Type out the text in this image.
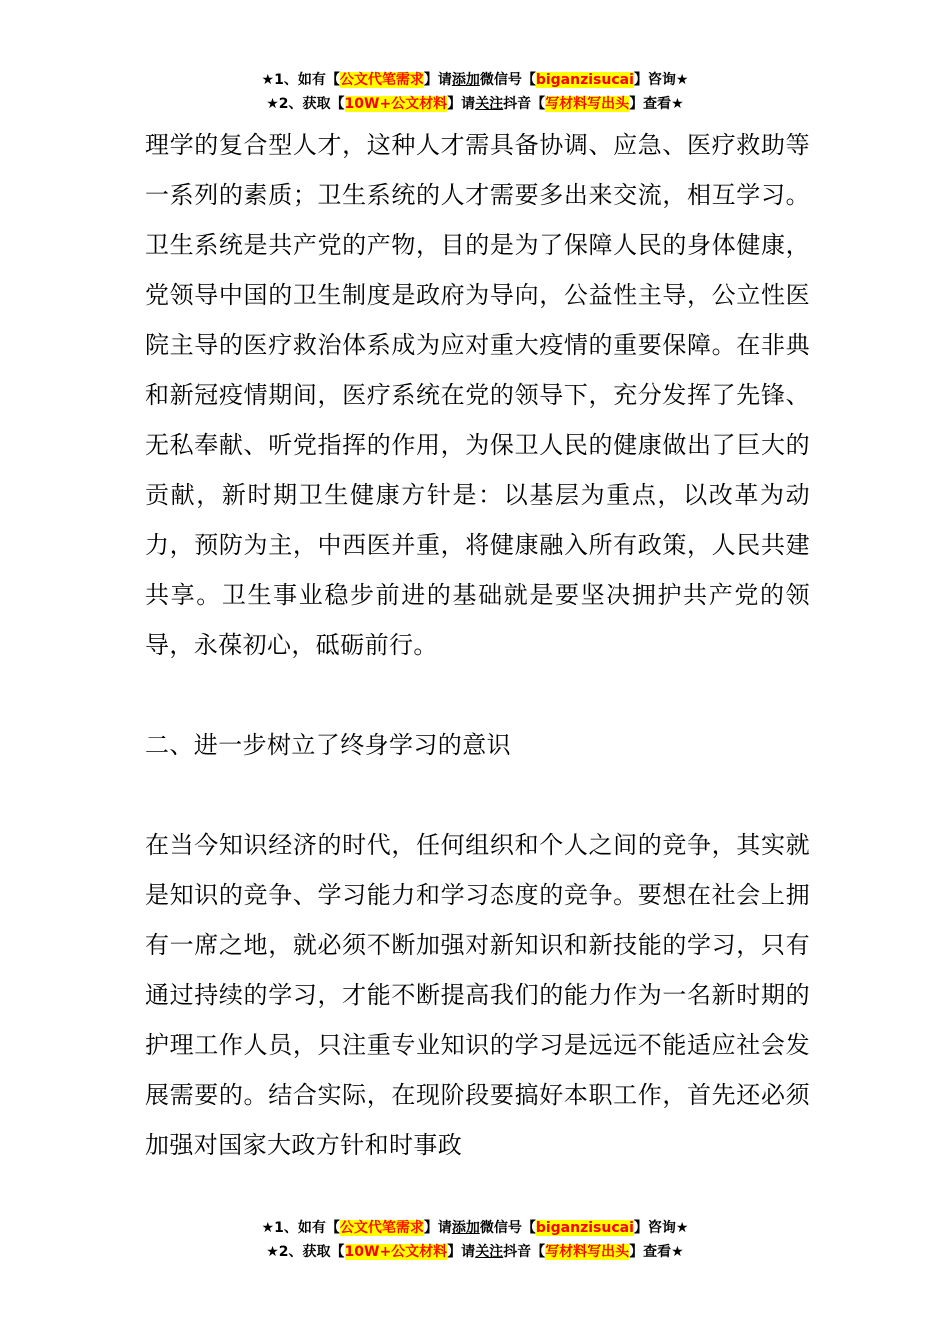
★1、如有【公文代笔需求】请添加微信号【biganzisucai】咨询★
★2、获取【10W+公文材料】请关注抖音【写材料写出头】查看★

理学的复合型人才，这种人才需具备协调、应急、医疗救助等一系列的素质；卫生系统的人才需要多出来交流，相互学习。卫生系统是共产党的产物，目的是为了保障人民的身体健康，党领导中国的卫生制度是政府为导向，公益性主导，公立性医院主导的医疗救治体系成为应对重大疫情的重要保障。在非典和新冠疫情期间，医疗系统在党的领导下，充分发挥了先锋、无私奉献、听党指挥的作用，为保卫人民的健康做出了巨大的贡献，新时期卫生健康方针是：以基层为重点，以改革为动力，预防为主，中西医并重，将健康融入所有政策，人民共建共享。卫生事业稳步前进的基础就是要坚决拥护共产党的领导，永葆初心，砥砺前行。

二、进一步树立了终身学习的意识

在当今知识经济的时代，任何组织和个人之间的竞争，其实就是知识的竞争、学习能力和学习态度的竞争。要想在社会上拥有一席之地，就必须不断加强对新知识和新技能的学习，只有通过持续的学习，才能不断提高我们的能力作为一名新时期的护理工作人员，只注重专业知识的学习是远远不能适应社会发展需要的。结合实际，在现阶段要搞好本职工作，首先还必须加强对国家大政方针和时事政

★1、如有【公文代笔需求】请添加微信号【biganzisucai】咨询★
★2、获取【10W+公文材料】请关注抖音【写材料写出头】查看★
